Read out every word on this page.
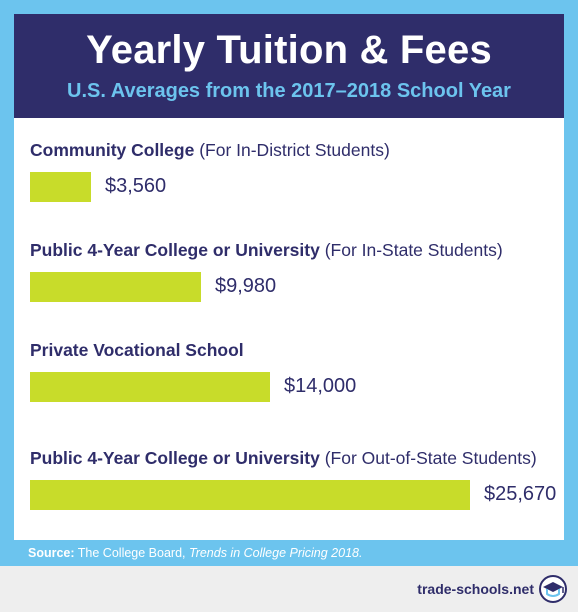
Yearly Tuition & Fees
U.S. Averages from the 2017–2018 School Year
Community College (For In-District Students)
$3,560
Public 4-Year College or University (For In-State Students)
$9,980
Private Vocational School
$14,000
Public 4-Year College or University (For Out-of-State Students)
$25,670
Source: The College Board, Trends in College Pricing 2018.
trade-schools.net
